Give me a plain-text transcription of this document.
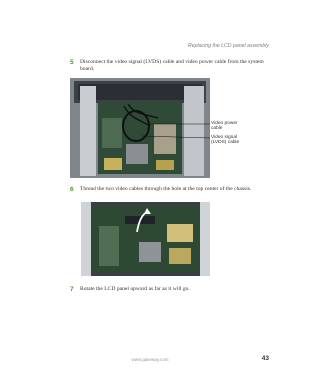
Replacing the LCD panel assembly
5 Disconnect the video signal (LVDS) cable and video power cable from the system board.
Video power
cable
Video signal
(LVDS) cable
6 Thread the two video cables through the hole at the top center of the chassis.
7 Rotate the LCD panel upward as far as it will go.
www.gateway.com	43
